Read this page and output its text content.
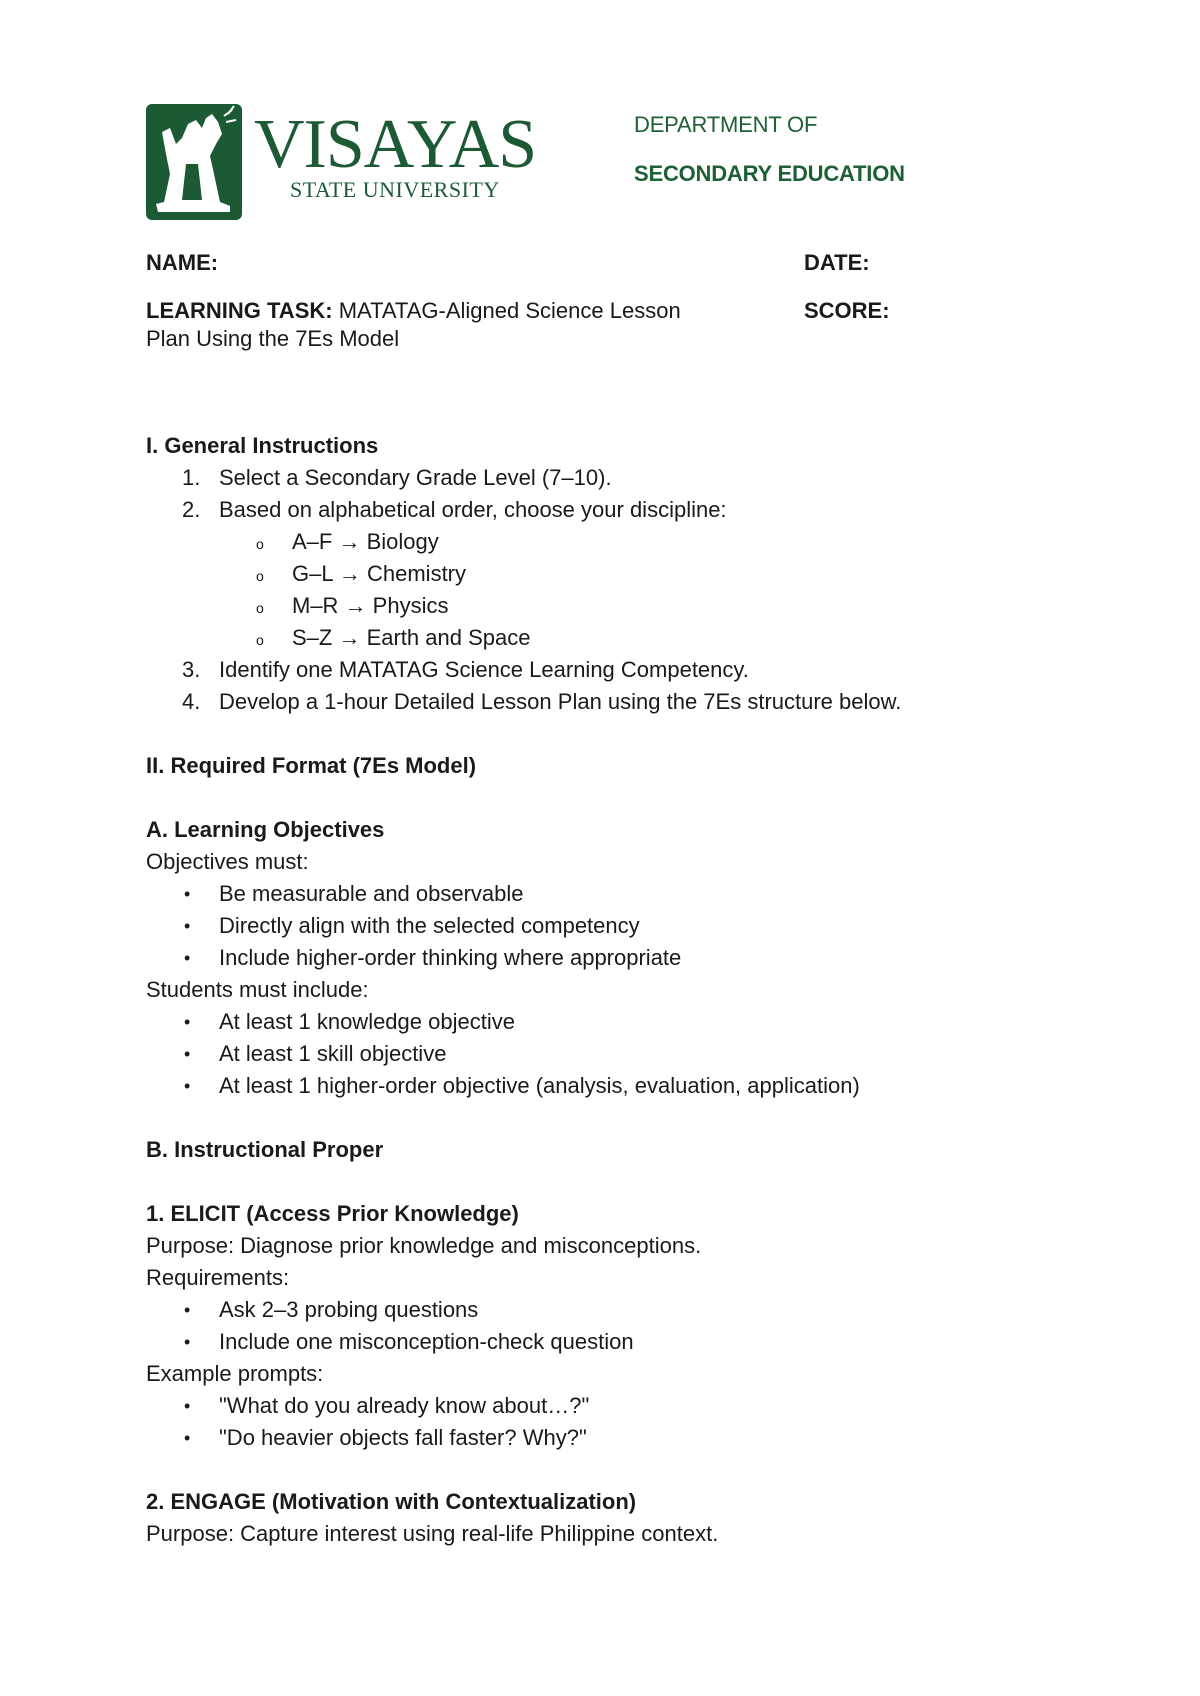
VISAYAS
STATE UNIVERSITY
DEPARTMENT OF
SECONDARY EDUCATION
NAME:	DATE:
LEARNING TASK: MATATAG-Aligned Science Lesson Plan Using the 7Es Model
SCORE:
I. General Instructions
1. Select a Secondary Grade Level (7–10).
2. Based on alphabetical order, choose your discipline:
o A–F → Biology
o G–L → Chemistry
o M–R → Physics
o S–Z → Earth and Space
3. Identify one MATATAG Science Learning Competency.
4. Develop a 1-hour Detailed Lesson Plan using the 7Es structure below.
II. Required Format (7Es Model)
A. Learning Objectives
Objectives must:
• Be measurable and observable
• Directly align with the selected competency
• Include higher-order thinking where appropriate
Students must include:
• At least 1 knowledge objective
• At least 1 skill objective
• At least 1 higher-order objective (analysis, evaluation, application)
B. Instructional Proper
1. ELICIT (Access Prior Knowledge)
Purpose: Diagnose prior knowledge and misconceptions.
Requirements:
• Ask 2–3 probing questions
• Include one misconception-check question
Example prompts:
• "What do you already know about…?"
• "Do heavier objects fall faster? Why?"
2. ENGAGE (Motivation with Contextualization)
Purpose: Capture interest using real-life Philippine context.
